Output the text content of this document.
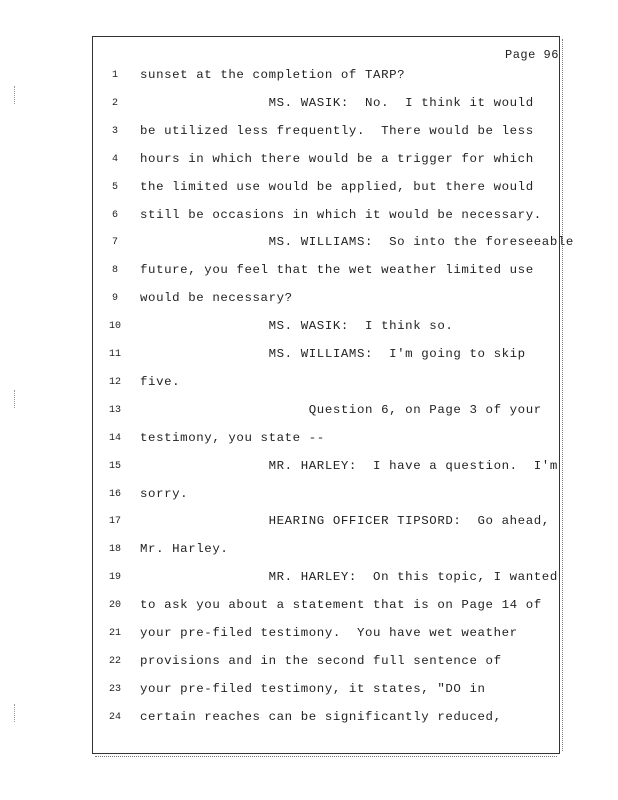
Page 96
1	sunset at the completion of TARP?
2	MS. WASIK:  No.  I think it would
3	be utilized less frequently.  There would be less
4	hours in which there would be a trigger for which
5	the limited use would be applied, but there would
6	still be occasions in which it would be necessary.
7	MS. WILLIAMS:  So into the foreseeable
8	future, you feel that the wet weather limited use
9	would be necessary?
10	MS. WASIK:  I think so.
11	MS. WILLIAMS:  I'm going to skip
12	five.
13	Question 6, on Page 3 of your
14	testimony, you state --
15	MR. HARLEY:  I have a question.  I'm
16	sorry.
17	HEARING OFFICER TIPSORD:  Go ahead,
18	Mr. Harley.
19	MR. HARLEY:  On this topic, I wanted
20	to ask you about a statement that is on Page 14 of
21	your pre-filed testimony.  You have wet weather
22	provisions and in the second full sentence of
23	your pre-filed testimony, it states, "DO in
24	certain reaches can be significantly reduced,
